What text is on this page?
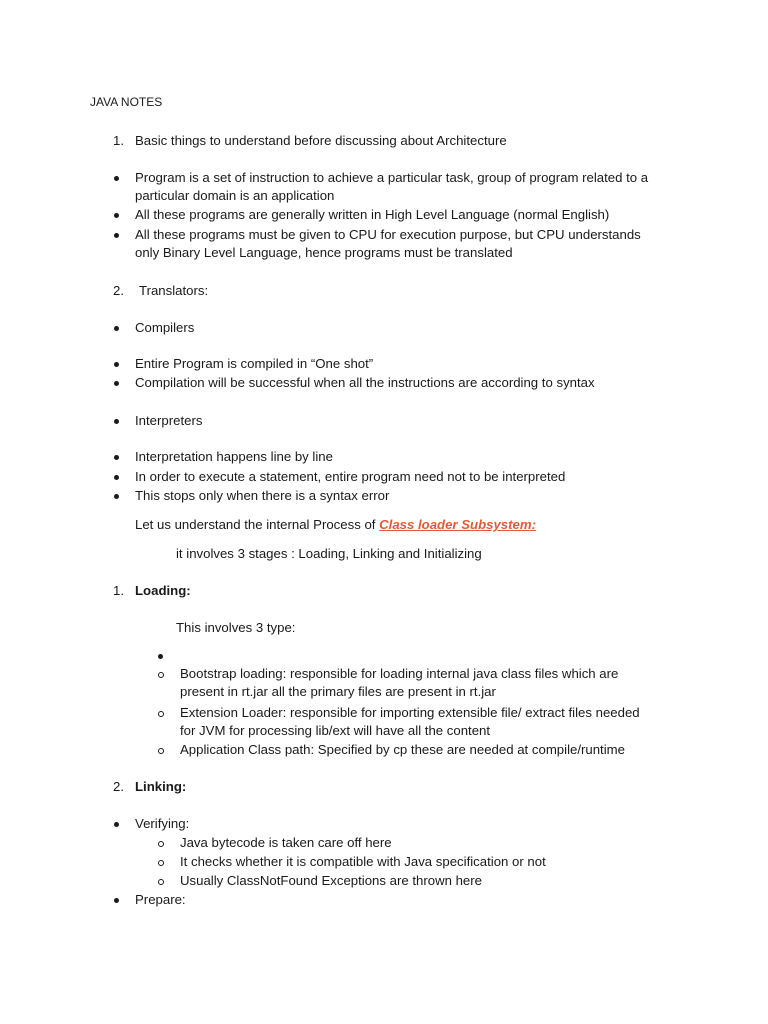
JAVA NOTES
1. Basic things to understand before discussing about Architecture
Program is a set of instruction to achieve a particular task, group of program related to a
particular domain is an application
All these programs are generally written in High Level Language (normal English)
All these programs must be given to CPU for execution purpose, but CPU understands
only Binary Level Language, hence programs must be translated
2. Translators:
Compilers
Entire Program is compiled in “One shot”
Compilation will be successful when all the instructions are according to syntax
Interpreters
Interpretation happens line by line
In order to execute a statement, entire program need not to be interpreted
This stops only when there is a syntax error
Let us understand the internal Process of Class loader Subsystem:
it involves 3 stages : Loading, Linking and Initializing
1. Loading:
This involves 3 type:
Bootstrap loading: responsible for loading internal java class files which are
present in rt.jar all the primary files are present in rt.jar
Extension Loader: responsible for importing extensible file/ extract files needed
for JVM for processing lib/ext will have all the content
Application Class path: Specified by cp these are needed at compile/runtime
2. Linking:
Verifying:
Java bytecode is taken care off here
It checks whether it is compatible with Java specification or not
Usually ClassNotFound Exceptions are thrown here
Prepare:
